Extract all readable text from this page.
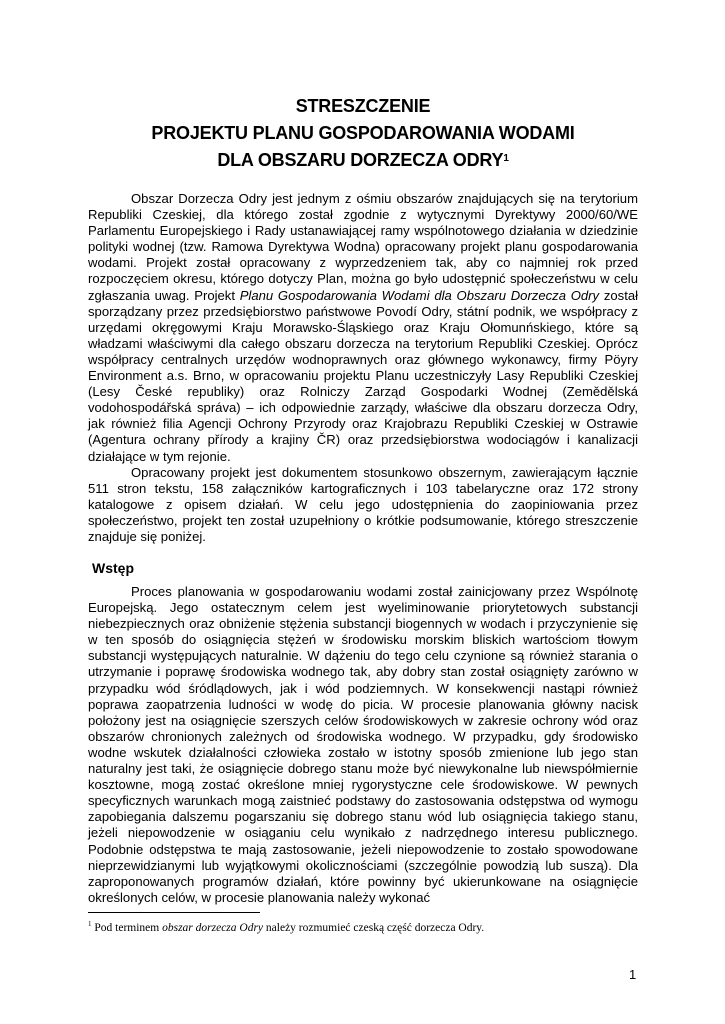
STRESZCZENIE
PROJEKTU PLANU GOSPODAROWANIA WODAMI
DLA OBSZARU DORZECZA ODRY$^1$

Obszar Dorzecza Odry jest jednym z ośmiu obszarów znajdujących się na terytorium Republiki Czeskiej, dla którego został zgodnie z wytycznymi Dyrektywy 2000/60/WE Parlamentu Europejskiego i Rady ustanawiającej ramy wspólnotowego działania w dziedzinie polityki wodnej (tzw. Ramowa Dyrektywa Wodna) opracowany projekt planu gospodarowania wodami. Projekt został opracowany z wyprzedzeniem tak, aby co najmniej rok przed rozpoczęciem okresu, którego dotyczy Plan, można go było udostępnić społeczeństwu w celu zgłaszania uwag. Projekt Planu Gospodarowania Wodami dla Obszaru Dorzecza Odry został sporządzany przez przedsiębiorstwo państwowe Povodí Odry, státní podnik, we współpracy z urzędami okręgowymi Kraju Morawsko-Śląskiego oraz Kraju Ołomunńskiego, które są władzami właściwymi dla całego obszaru dorzecza na terytorium Republiki Czeskiej. Oprócz współpracy centralnych urzędów wodnoprawnych oraz głównego wykonawcy, firmy Pöyry Environment a.s. Brno, w opracowaniu projektu Planu uczestniczyły Lasy Republiki Czeskiej (Lesy České republiky) oraz Rolniczy Zarząd Gospodarki Wodnej (Zemědělská vodohospodářská správa) – ich odpowiednie zarządy, właściwe dla obszaru dorzecza Odry, jak również filia Agencji Ochrony Przyrody oraz Krajobrazu Republiki Czeskiej w Ostrawie (Agentura ochrany přírody a krajiny ČR) oraz przedsiębiorstwa wodociągów i kanalizacji działające w tym rejonie.

Opracowany projekt jest dokumentem stosunkowo obszernym, zawierającym łącznie 511 stron tekstu, 158 załączników kartograficznych i 103 tabelaryczne oraz 172 strony katalogowe z opisem działań. W celu jego udostępnienia do zaopiniowania przez społeczeństwo, projekt ten został uzupełniony o krótkie podsumowanie, którego streszczenie znajduje się poniżej.

Wstęp

Proces planowania w gospodarowaniu wodami został zainicjowany przez Wspólnotę Europejską. Jego ostatecznym celem jest wyeliminowanie priorytetowych substancji niebezpiecznych oraz obniżenie stężenia substancji biogennych w wodach i przyczynienie się w ten sposób do osiągnięcia stężeń w środowisku morskim bliskich wartościom tłowym substancji występujących naturalnie. W dążeniu do tego celu czynione są również starania o utrzymanie i poprawę środowiska wodnego tak, aby dobry stan został osiągnięty zarówno w przypadku wód śródlądowych, jak i wód podziemnych. W konsekwencji nastąpi również poprawa zaopatrzenia ludności w wodę do picia. W procesie planowania główny nacisk położony jest na osiągnięcie szerszych celów środowiskowych w zakresie ochrony wód oraz obszarów chronionych zależnych od środowiska wodnego. W przypadku, gdy środowisko wodne wskutek działalności człowieka zostało w istotny sposób zmienione lub jego stan naturalny jest taki, że osiągnięcie dobrego stanu może być niewykonalne lub niewspółmiernie kosztowne, mogą zostać określone mniej rygorystyczne cele środowiskowe. W pewnych specyficznych warunkach mogą zaistnieć podstawy do zastosowania odstępstwa od wymogu zapobiegania dalszemu pogarszaniu się dobrego stanu wód lub osiągnięcia takiego stanu, jeżeli niepowodzenie w osiąganiu celu wynikało z nadrzędnego interesu publicznego. Podobnie odstępstwa te mają zastosowanie, jeżeli niepowodzenie to zostało spowodowane nieprzewidzianymi lub wyjątkowymi okolicznościami (szczególnie powodzią lub suszą). Dla zaproponowanych programów działań, które powinny być ukierunkowane na osiągnięcie określonych celów, w procesie planowania należy wykonać

$^1$ Pod terminem obszar dorzecza Odry należy rozmumieć czeską część dorzecza Odry.
1
